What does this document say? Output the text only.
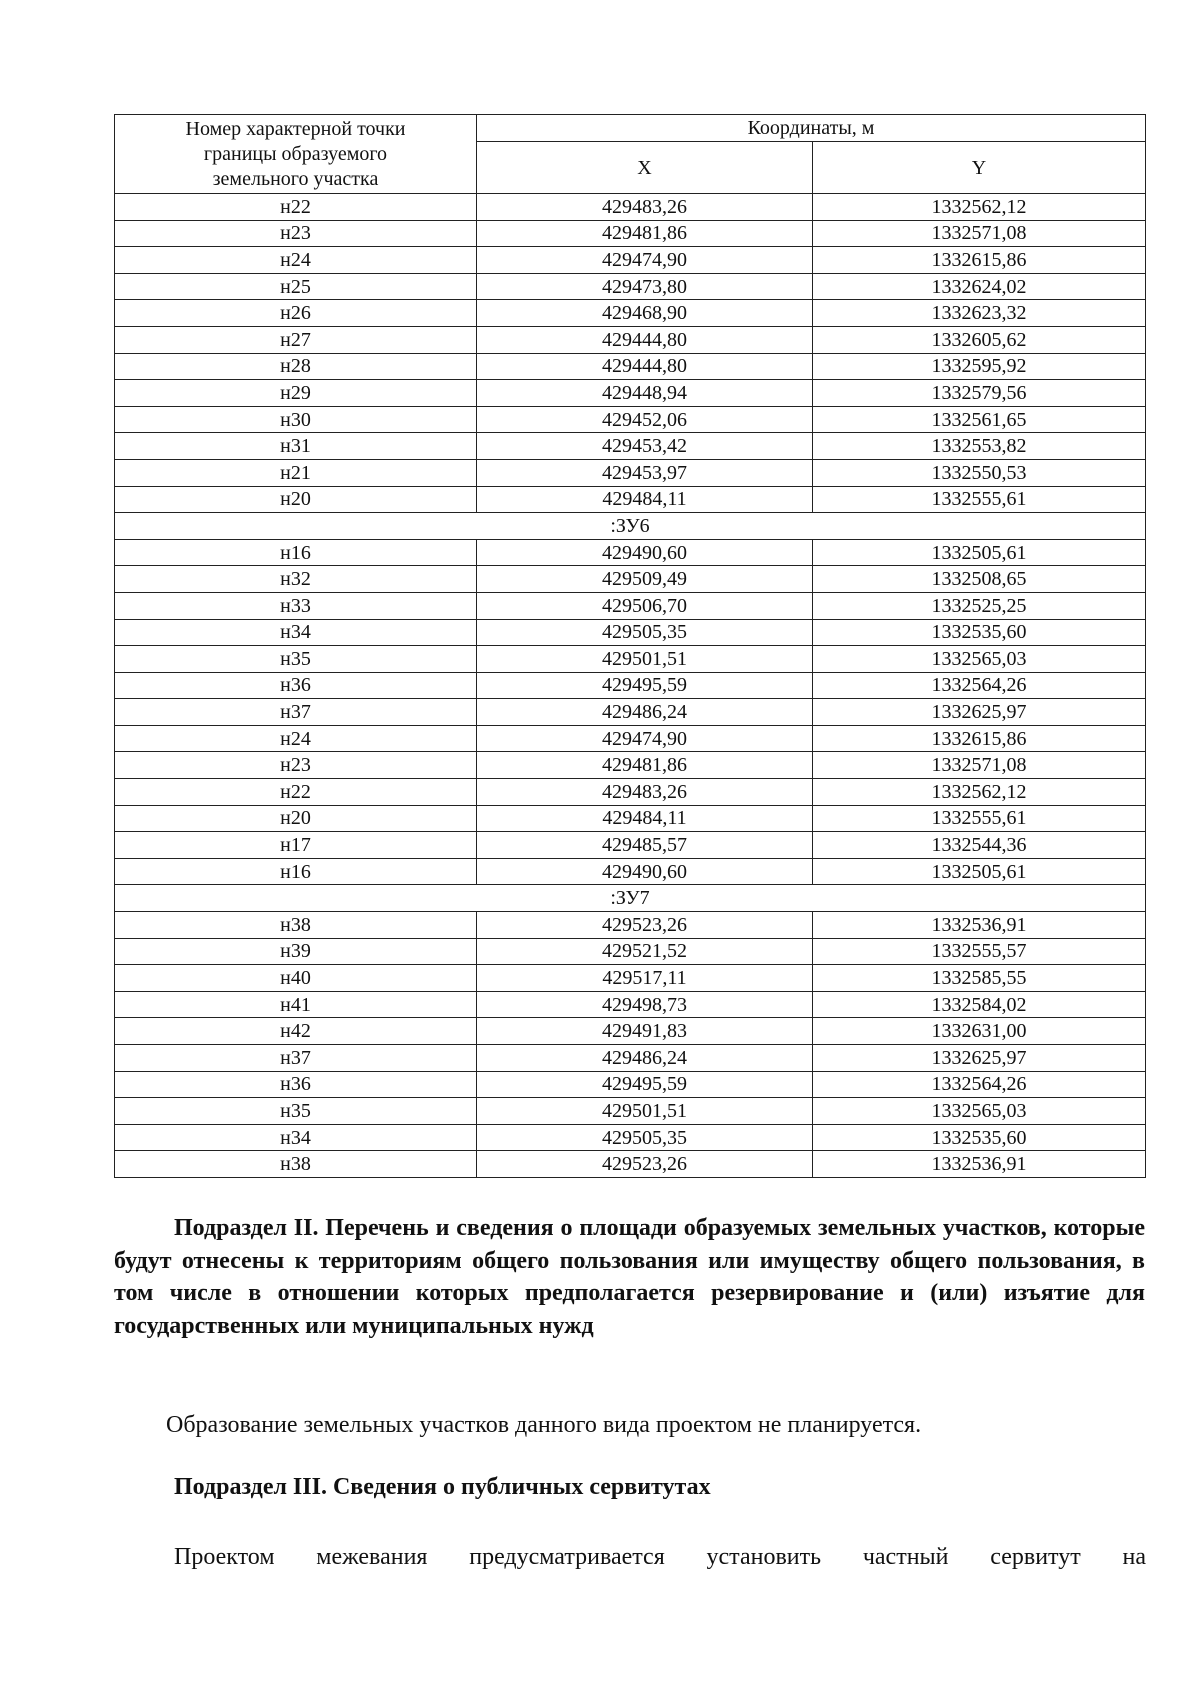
Номер характерной точки
границы образуемого
земельного участка	Координаты, м	
	X	Y
н22	429483,26	1332562,12
н23	429481,86	1332571,08
н24	429474,90	1332615,86
н25	429473,80	1332624,02
н26	429468,90	1332623,32
н27	429444,80	1332605,62
н28	429444,80	1332595,92
н29	429448,94	1332579,56
н30	429452,06	1332561,65
н31	429453,42	1332553,82
н21	429453,97	1332550,53
н20	429484,11	1332555,61
:ЗУ6		
н16	429490,60	1332505,61
н32	429509,49	1332508,65
н33	429506,70	1332525,25
н34	429505,35	1332535,60
н35	429501,51	1332565,03
н36	429495,59	1332564,26
н37	429486,24	1332625,97
н24	429474,90	1332615,86
н23	429481,86	1332571,08
н22	429483,26	1332562,12
н20	429484,11	1332555,61
н17	429485,57	1332544,36
н16	429490,60	1332505,61
:ЗУ7		
н38	429523,26	1332536,91
н39	429521,52	1332555,57
н40	429517,11	1332585,55
н41	429498,73	1332584,02
н42	429491,83	1332631,00
н37	429486,24	1332625,97
н36	429495,59	1332564,26
н35	429501,51	1332565,03
н34	429505,35	1332535,60
н38	429523,26	1332536,91
Подраздел II. Перечень и сведения о площади образуемых земельных участков, которые будут отнесены к территориям общего пользования или имуществу общего пользования, в том числе в отношении которых предполагается резервирование и (или) изъятие для государственных или муниципальных нужд
Образование земельных участков данного вида проектом не планируется.
Подраздел III. Сведения о публичных сервитутах
Проектом межевания предусматривается установить частный сервитут на
